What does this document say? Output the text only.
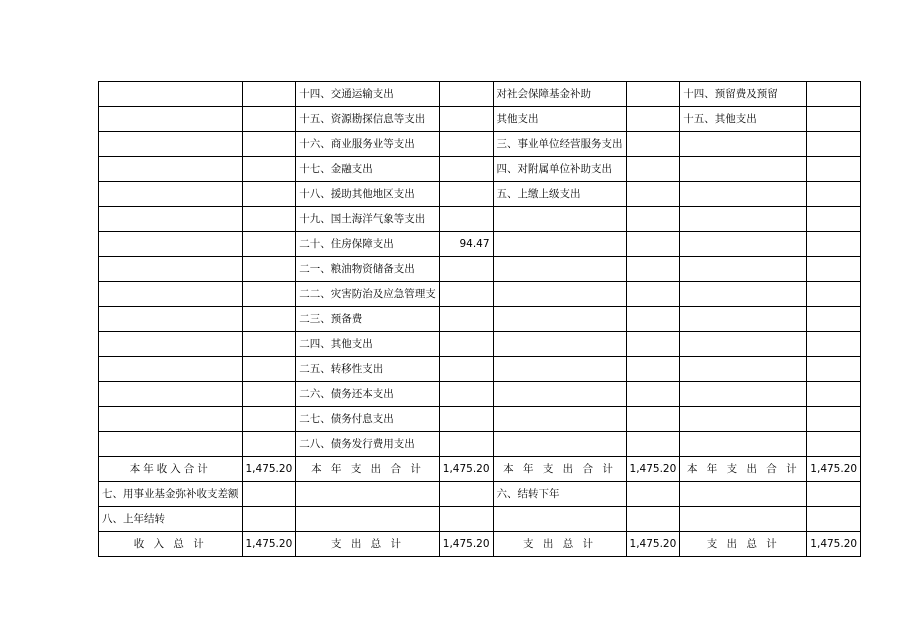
		十四、交通运输支出		对社会保障基金补助		十四、预留费及预留	
		十五、资源勘探信息等支出		其他支出		十五、其他支出	
		十六、商业服务业等支出		三、事业单位经营服务支出			
		十七、金融支出		四、对附属单位补助支出			
		十八、援助其他地区支出		五、上缴上级支出			
		十九、国土海洋气象等支出					
		二十、住房保障支出	94.47				
		二一、粮油物资储备支出					
		二二、灾害防治及应急管理支					
		二三、预备费					
		二四、其他支出					
		二五、转移性支出					
		二六、债务还本支出					
		二七、债务付息支出					
		二八、债务发行费用支出					
本年收入合计	1,475.20	本 年 支 出 合 计	1,475.20	本 年 支 出 合 计	1,475.20	本 年 支 出 合 计	1,475.20
七、用事业基金弥补收支差额				六、结转下年			
八、上年结转							
收 入 总 计	1,475.20	支 出 总 计	1,475.20	支 出 总 计	1,475.20	支 出 总 计	1,475.20
